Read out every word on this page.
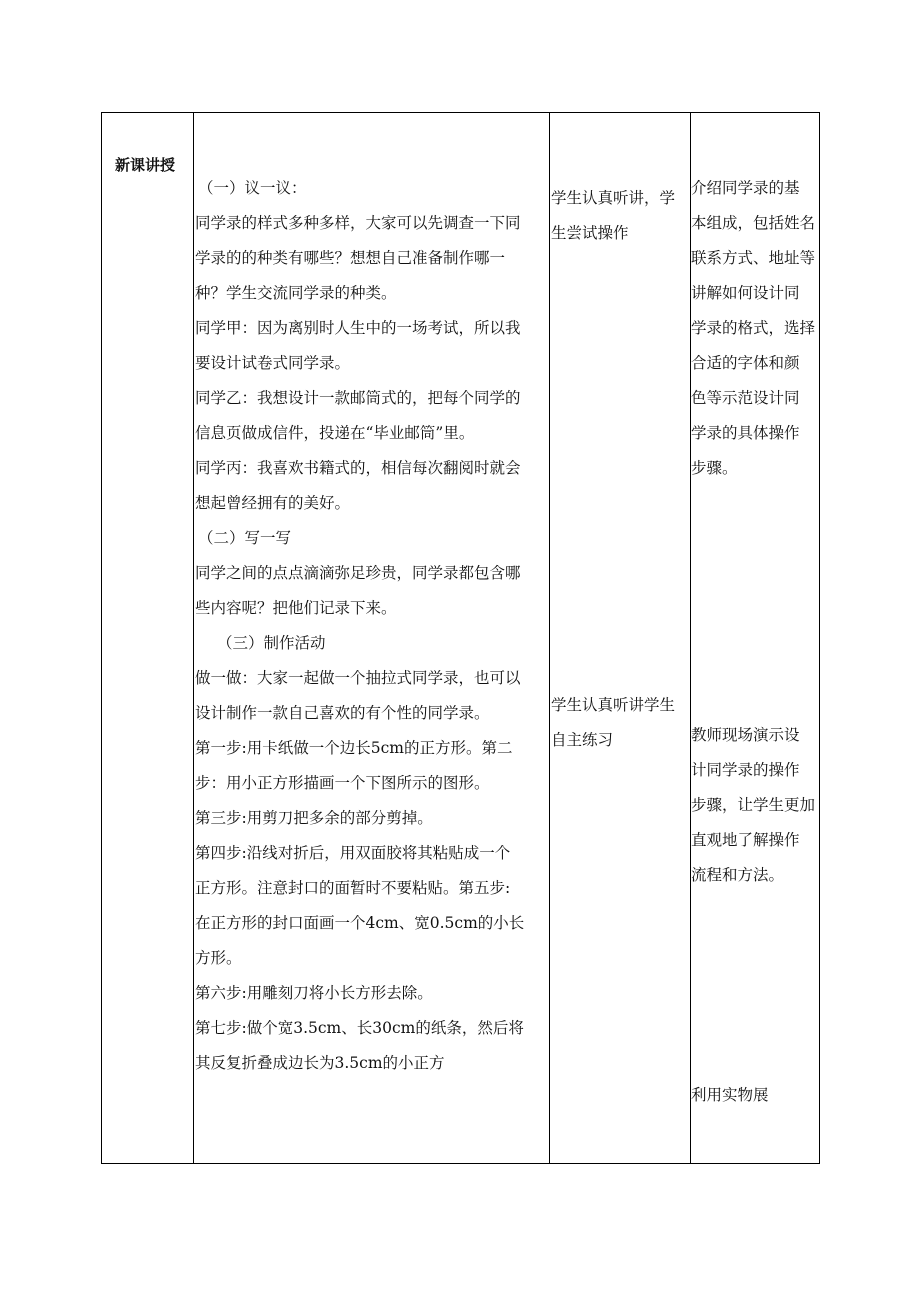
新课讲授
（一）议一议：
同学录的样式多种多样，大家可以先调查一下同
学录的的种类有哪些？想想自己准备制作哪一
种？学生交流同学录的种类。
同学甲：因为离别时人生中的一场考试，所以我
要设计试卷式同学录。
同学乙：我想设计一款邮筒式的，把每个同学的
信息页做成信件，投递在“毕业邮筒”里。
同学丙：我喜欢书籍式的，相信每次翻阅时就会
想起曾经拥有的美好。
（二）写一写
同学之间的点点滴滴弥足珍贵，同学录都包含哪
些内容呢？把他们记录下来。
（三）制作活动
做一做：大家一起做一个抽拉式同学录，也可以
设计制作一款自己喜欢的有个性的同学录。
第一步:用卡纸做一个边长5cm的正方形。第二
步：用小正方形描画一个下图所示的图形。
第三步:用剪刀把多余的部分剪掉。
第四步:沿线对折后，用双面胶将其粘贴成一个
正方形。注意封口的面暂时不要粘贴。第五步:
在正方形的封口面画一个4cm、宽0.5cm的小长
方形。
第六步:用雕刻刀将小长方形去除。
第七步:做个宽3.5cm、长30cm的纸条，然后将
其反复折叠成边长为3.5cm的小正方
学生认真听讲，学
生尝试操作
学生认真听讲学生
自主练习
介绍同学录的基
本组成，包括姓名
联系方式、地址等
讲解如何设计同
学录的格式，选择
合适的字体和颜
色等示范设计同
学录的具体操作
步骤。
教师现场演示设
计同学录的操作
步骤，让学生更加
直观地了解操作
流程和方法。
利用实物展
